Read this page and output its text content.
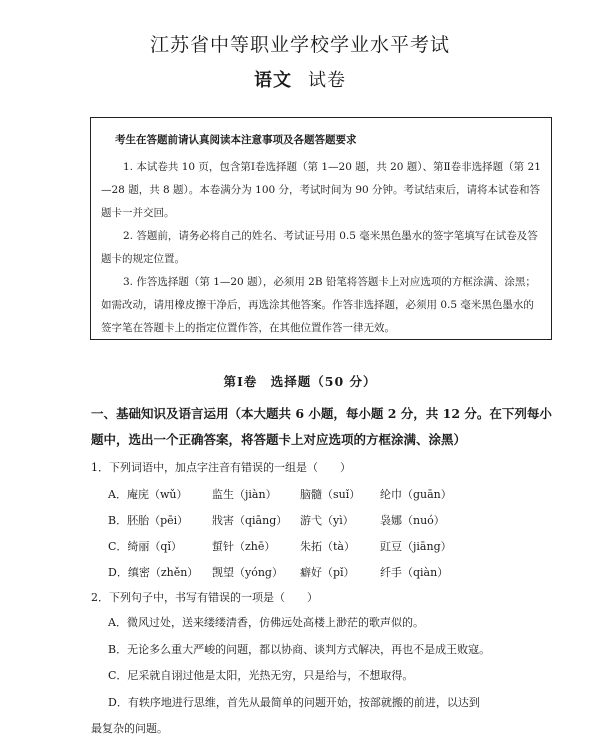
江苏省中等职业学校学业水平考试
语文 试卷
考生在答题前请认真阅读本注意事项及各题答题要求

1. 本试卷共 10 页，包含第Ⅰ卷选择题（第 1—20 题，共 20 题）、第Ⅱ卷非选择题（第 21—28 题，共 8 题）。本卷满分为 100 分，考试时间为 90 分钟。考试结束后，请将本试卷和答题卡一并交回。

2. 答题前，请务必将自己的姓名、考试证号用 0.5 毫米黑色墨水的签字笔填写在试卷及答题卡的规定位置。

3. 作答选择题（第 1—20 题），必须用 2B 铅笔将答题卡上对应选项的方框涂满、涂黑；如需改动，请用橡皮擦干净后，再选涂其他答案。作答非选择题，必须用 0.5 毫米黑色墨水的签字笔在答题卡上的指定位置作答，在其他位置作答一律无效。

第Ⅰ卷　选择题（50 分）
一、基础知识及语言运用（本大题共 6 小题，每小题 2 分，共 12 分。在下列每小题中，选出一个正确答案，将答题卡上对应选项的方框涂满、涂黑）
1．下列词语中，加点字注音有错误的一组是（　　）
A．庵庑（wǔ） 监生（jiàn） 脑髓（suǐ） 纶巾（guān）
B．胚胎（pēi） 戕害（qiāng） 游弋（yì） 袅娜（nuó）
C．绮丽（qǐ）	蜇针（zhē） 朱拓（tà） 豇豆（jiāng）
D．缜密（zhěn） 觊望（yóng） 癖好（pǐ） 纤手（qiàn）
2．下列句子中，书写有错误的一项是（　　）
A．微风过处，送来缕缕清香，仿佛远处高楼上渺茫的歌声似的。
B．无论多么重大严峻的问题，都以协商、谈判方式解决，再也不是成王败寇。
C．尼采就自诩过他是太阳，光热无穷，只是给与，不想取得。
D．有轶序地进行思维，首先从最简单的问题开始，按部就搬的前进，以达到
最复杂的问题。
